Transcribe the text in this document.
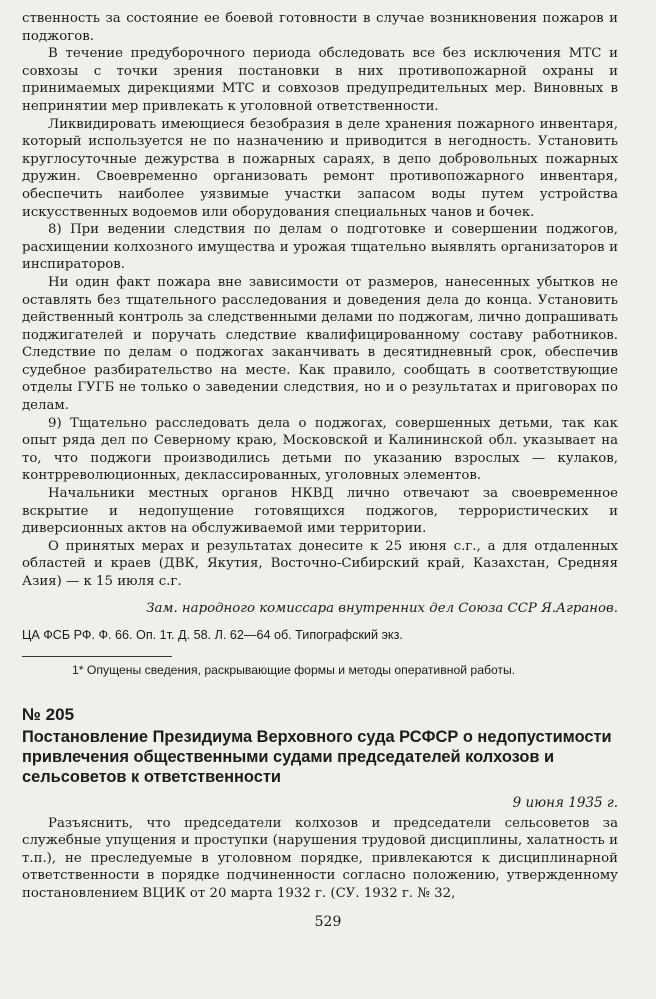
ственность за состояние ее боевой готовности в случае возникновения пожаров и поджогов.

В течение предуборочного периода обследовать все без исключения МТС и совхозы с точки зрения постановки в них противопожарной охраны и принимаемых дирекциями МТС и совхозов предупредительных мер. Виновных в непринятии мер привлекать к уголовной ответственности.

Ликвидировать имеющиеся безобразия в деле хранения пожарного инвентаря, который используется не по назначению и приводится в негодность. Установить круглосуточные дежурства в пожарных сараях, в депо добровольных пожарных дружин. Своевременно организовать ремонт противопожарного инвентаря, обеспечить наиболее уязвимые участки запасом воды путем устройства искусственных водоемов или оборудования специальных чанов и бочек.

8) При ведении следствия по делам о подготовке и совершении поджогов, расхищении колхозного имущества и урожая тщательно выявлять организаторов и инспираторов.

Ни один факт пожара вне зависимости от размеров, нанесенных убытков не оставлять без тщательного расследования и доведения дела до конца. Установить действенный контроль за следственными делами по поджогам, лично допрашивать поджигателей и поручать следствие квалифицированному составу работников. Следствие по делам о поджогах заканчивать в десятидневный срок, обеспечив судебное разбирательство на месте. Как правило, сообщать в соответствующие отделы ГУГБ не только о заведении следствия, но и о результатах и приговорах по делам.

9) Тщательно расследовать дела о поджогах, совершенных детьми, так как опыт ряда дел по Северному краю, Московской и Калининской обл. указывает на то, что поджоги производились детьми по указанию взрослых — кулаков, контрреволюционных, деклассированных, уголовных элементов.

Начальники местных органов НКВД лично отвечают за своевременное вскрытие и недопущение готовящихся поджогов, террористических и диверсионных актов на обслуживаемой ими территории.

О принятых мерах и результатах донесите к 25 июня с.г., а для отдаленных областей и краев (ДВК, Якутия, Восточно-Сибирский край, Казахстан, Средняя Азия) — к 15 июля с.г.

Зам. народного комиссара внутренних дел Союза ССР Я.Агранов.

ЦА ФСБ РФ. Ф. 66. Оп. 1т. Д. 58. Л. 62—64 об. Типографский экз.

1* Опущены сведения, раскрывающие формы и методы оперативной работы.

№ 205
Постановление Президиума Верховного суда РСФСР о недопустимости привлечения общественными судами председателей колхозов и сельсоветов к ответственности

9 июня 1935 г.

Разъяснить, что председатели колхозов и председатели сельсоветов за служебные упущения и проступки (нарушения трудовой дисциплины, халатность и т.п.), не преследуемые в уголовном порядке, привлекаются к дисциплинарной ответственности в порядке подчиненности согласно положению, утвержденному постановлением ВЦИК от 20 марта 1932 г. (СУ. 1932 г. № 32,

529
